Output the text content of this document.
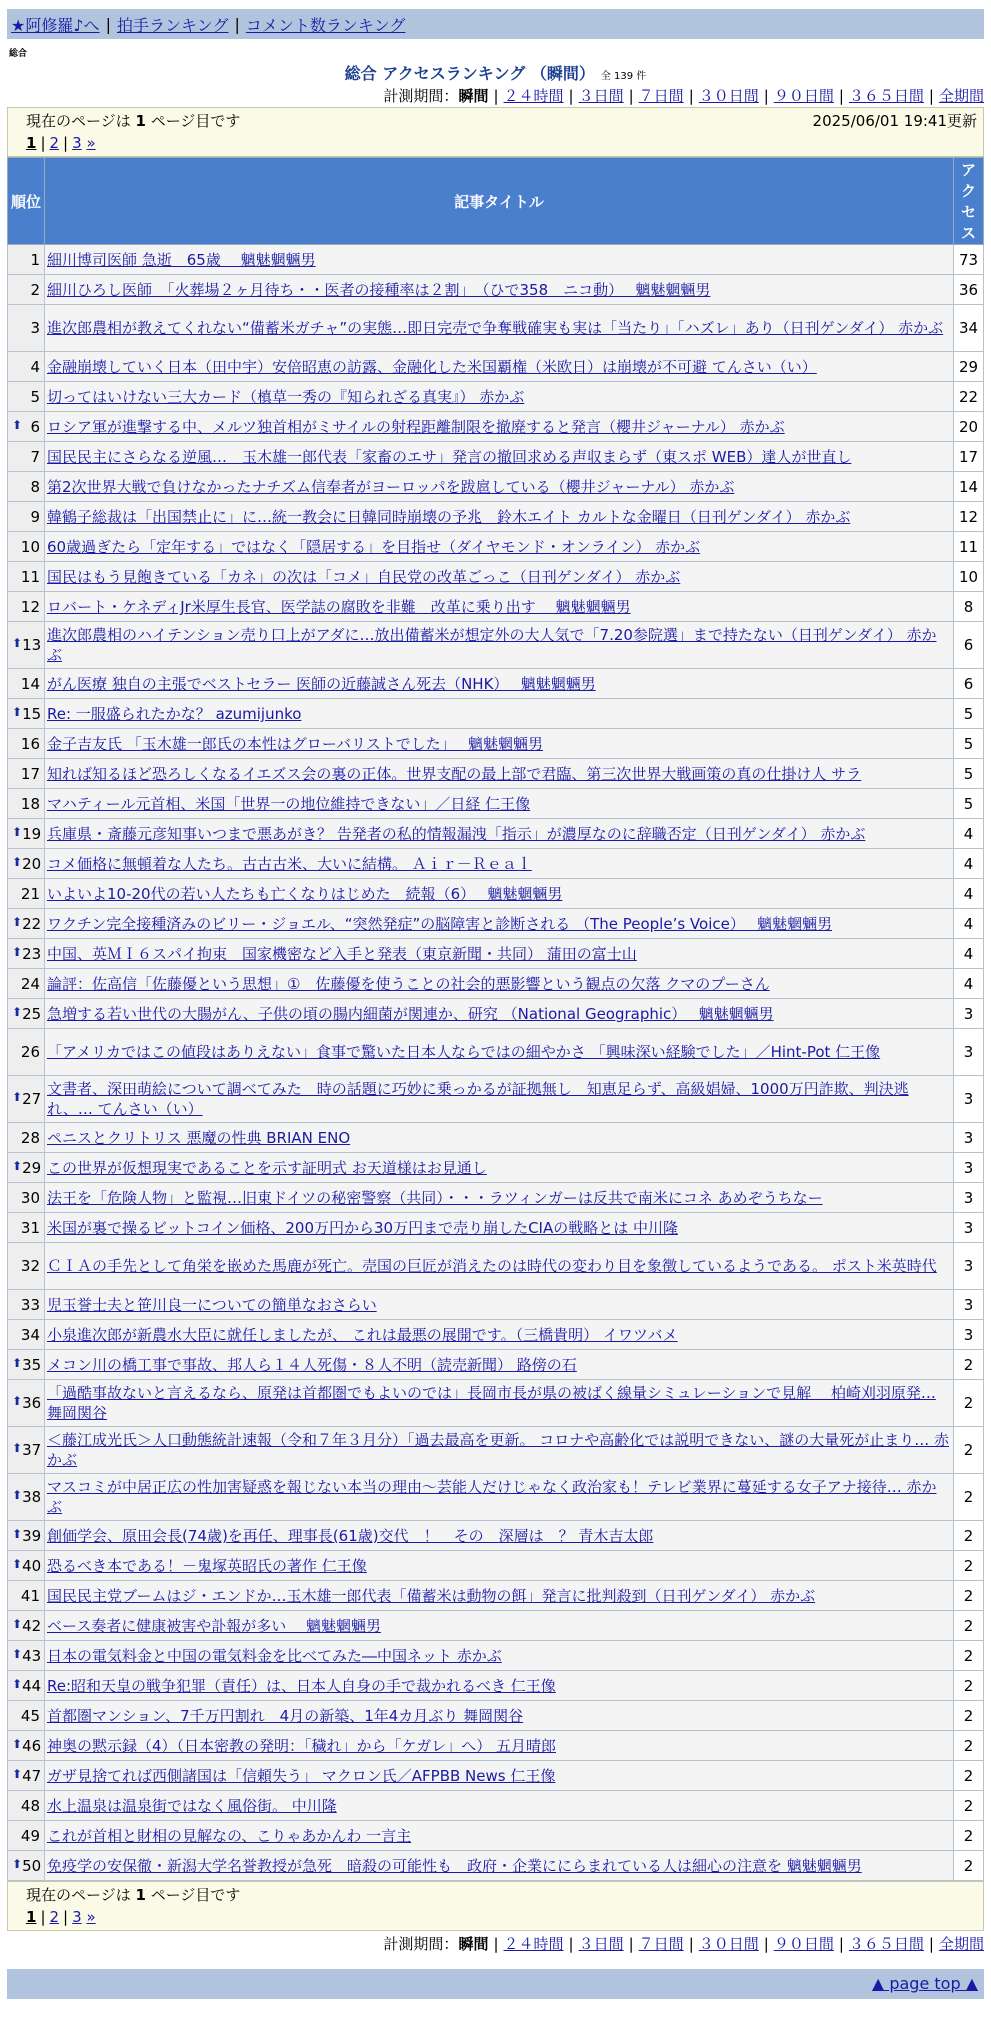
★阿修羅♪へ | 拍手ランキング | コメント数ランキング
総合
総合 アクセスランキング （瞬間） 全 139 件
計測期間：瞬間 | ２４時間 | ３日間 | ７日間 | ３０日間 | ９０日間 | ３６５日間 | 全期間
現在のページは 1 ページ目です	2025/06/01 19:41更新
1 | 2 | 3 »
順位	記事タイトル	アクセス
1	細川博司医師 急逝　65歳　 魑魅魍魎男	73
2	細川ひろし医師　「火葬場２ヶ月待ち・・医者の接種率は２割」　（ひで358　ニコ動）　 魑魅魍魎男	36
3	進次郎農相が教えてくれない“備蓄米ガチャ”の実態…即日完売で争奪戦確実も実は「当たり」「ハズレ」あり（日刊ゲンダイ） 赤かぶ	34
4	金融崩壊していく日本（田中宇）安倍昭恵の訪露、金融化した米国覇権（米欧日）は崩壊が不可避 てんさい（い）	29
5	切ってはいけない三大カード（槙草一秀の『知られざる真実』） 赤かぶ	22

⬆ 6	ロシア軍が進撃する中、メルツ独首相がミサイルの射程距離制限を撤廃すると発言（櫻井ジャーナル） 赤かぶ	20
7	国民民主にさらなる逆風…　玉木雄一郎代表「家畜のエサ」発言の撤回求める声収まらず（東スポ WEB）達人が世直し	17
8	第2次世界大戦で負けなかったナチズム信奉者がヨーロッパを跋扈している（櫻井ジャーナル） 赤かぶ	14
9	韓鶴子総裁は「出国禁止に」に…統一教会に日韓同時崩壊の予兆　鈴木エイト カルトな金曜日（日刊ゲンダイ） 赤かぶ	12
10	60歳過ぎたら「定年する」ではなく「隠居する」を目指せ（ダイヤモンド・オンライン） 赤かぶ	11
11	国民はもう見飽きている「カネ」の次は「コメ」自民党の改革ごっこ（日刊ゲンダイ） 赤かぶ	10
12	ロバート・ケネディJr米厚生長官、医学誌の腐敗を非難　改革に乗り出す　 魑魅魍魎男	8

⬆ 13	進次郎農相のハイテンション売り口上がアダに…放出備蓄米が想定外の大人気で「7.20参院選」まで持たない（日刊ゲンダイ） 赤かぶ	6
14	がん医療 独自の主張でベストセラー 医師の近藤誠さん死去（NHK）　 魑魅魍魎男	6

⬆ 15	Re: 一服盛られたかな？ azumijunko	5
16	金子吉友氏 「玉木雄一郎氏の本性はグローバリストでした」　 魑魅魍魎男	5
17	知れば知るほど恐ろしくなるイエズス会の裏の正体。世界支配の最上部で君臨、第三次世界大戦画策の真の仕掛け人 サラ	5
18	マハティール元首相、米国「世界一の地位維持できない」／日経 仁王像	5

⬆ 19	兵庫県・斎藤元彦知事いつまで悪あがき？ 告発者の私的情報漏洩「指示」が濃厚なのに辞職否定（日刊ゲンダイ） 赤かぶ	4

⬆ 20	コメ価格に無頓着な人たち。古古古米、大いに結構。 Ａｉｒ－Ｒｅａｌ	4
21	いよいよ10-20代の若い人たちも亡くなりはじめた　続報（6）　 魑魅魍魎男	4

⬆ 22	ワクチン完全接種済みのビリー・ジョエル、“突然発症”の脳障害と診断される （The People’s Voice）　 魑魅魍魎男	4

⬆ 23	中国、英ＭＩ６スパイ拘束　国家機密など入手と発表（東京新聞・共同） 蒲田の富士山	4
24	論評：佐高信「佐藤優という思想」①　佐藤優を使うことの社会的悪影響という観点の欠落 クマのプーさん	4

⬆ 25	急増する若い世代の大腸がん、子供の頃の腸内細菌が関連か、研究 （National Geographic）　 魑魅魍魎男	3
26	「アメリカではこの値段はありえない」食事で驚いた日本人ならではの細やかさ 「興味深い経験でした」／Hint-Pot 仁王像	3

⬆ 27	文書者、深田萌絵について調べてみた　時の話題に巧妙に乗っかるが証拠無し　知恵足らず、高級娼婦、1000万円詐欺、判決逃れ、… てんさい（い）	3
28	ペニスとクリトリス 悪魔の性典 BRIAN ENO	3

⬆ 29	この世界が仮想現実であることを示す証明式 お天道様はお見通し	3
30	法王を「危険人物」と監視…旧東ドイツの秘密警察（共同）・・・ラツィンガーは反共で南米にコネ あめぞうちなー	3
31	米国が裏で操るビットコイン価格、200万円から30万円まで売り崩したCIAの戦略とは 中川隆	3
32	ＣＩＡの手先として角栄を嵌めた馬鹿が死亡。売国の巨匠が消えたのは時代の変わり目を象徴しているようである。 ポスト米英時代	3
33	児玉誉士夫と笹川良一についての簡単なおさらい	3
34	小泉進次郎が新農水大臣に就任しましたが、 これは最悪の展開です。（三橋貴明） イワツバメ	3

⬆ 35	メコン川の橋工事で事故、邦人ら１４人死傷・８人不明（読売新聞） 路傍の石	2

⬆ 36	「過酷事故ないと言えるなら、原発は首都圏でもよいのでは」長岡市長が県の被ばく線量シミュレーションで見解　 柏崎刈羽原発… 舞岡関谷	2

⬆ 37	＜藤江成光氏＞人口動態統計速報（令和７年３月分）「過去最高を更新。 コロナや高齢化では説明できない、謎の大量死が止まり… 赤かぶ	2

⬆ 38	マスコミが中居正広の性加害疑惑を報じない本当の理由～芸能人だけじゃなく政治家も！テレビ業界に蔓延する女子アナ接待… 赤かぶ	2

⬆ 39	創価学会、原田会長(74歳)を再任、理事長(61歳)交代　！　その　深層は　？ 青木吉太郎	2

⬆ 40	恐るべき本である！－鬼塚英昭氏の著作 仁王像	2
41	国民民主党ブームはジ・エンドか…玉木雄一郎代表「備蓄米は動物の餌」発言に批判殺到（日刊ゲンダイ） 赤かぶ	2

⬆ 42	ベース奏者に健康被害や訃報が多い　 魑魅魍魎男	2

⬆ 43	日本の電気料金と中国の電気料金を比べてみた―中国ネット 赤かぶ	2

⬆ 44	Re:昭和天皇の戦争犯罪（責任）は、日本人自身の手で裁かれるべき 仁王像	2
45	首都圏マンション、7千万円割れ　4月の新築、1年4カ月ぶり 舞岡関谷	2

⬆ 46	神奥の黙示録（4）（日本密教の発明：「穢れ」から「ケガレ」へ） 五月晴郎	2

⬆ 47	ガザ見捨てれば西側諸国は「信頼失う」 マクロン氏／AFPBB News 仁王像	2
48	水上温泉は温泉街ではなく風俗街。 中川隆	2
49	これが首相と財相の見解なの、こりゃあかんわ 一言主	2

⬆ 50	免疫学の安保徹・新潟大学名誉教授が急死　暗殺の可能性も　政府・企業ににらまれている人は細心の注意を 魑魅魍魎男	2
現在のページは 1 ページ目です
1 | 2 | 3 »
計測期間：瞬間 | ２４時間 | ３日間 | ７日間 | ３０日間 | ９０日間 | ３６５日間 | 全期間
▲ page top ▲
